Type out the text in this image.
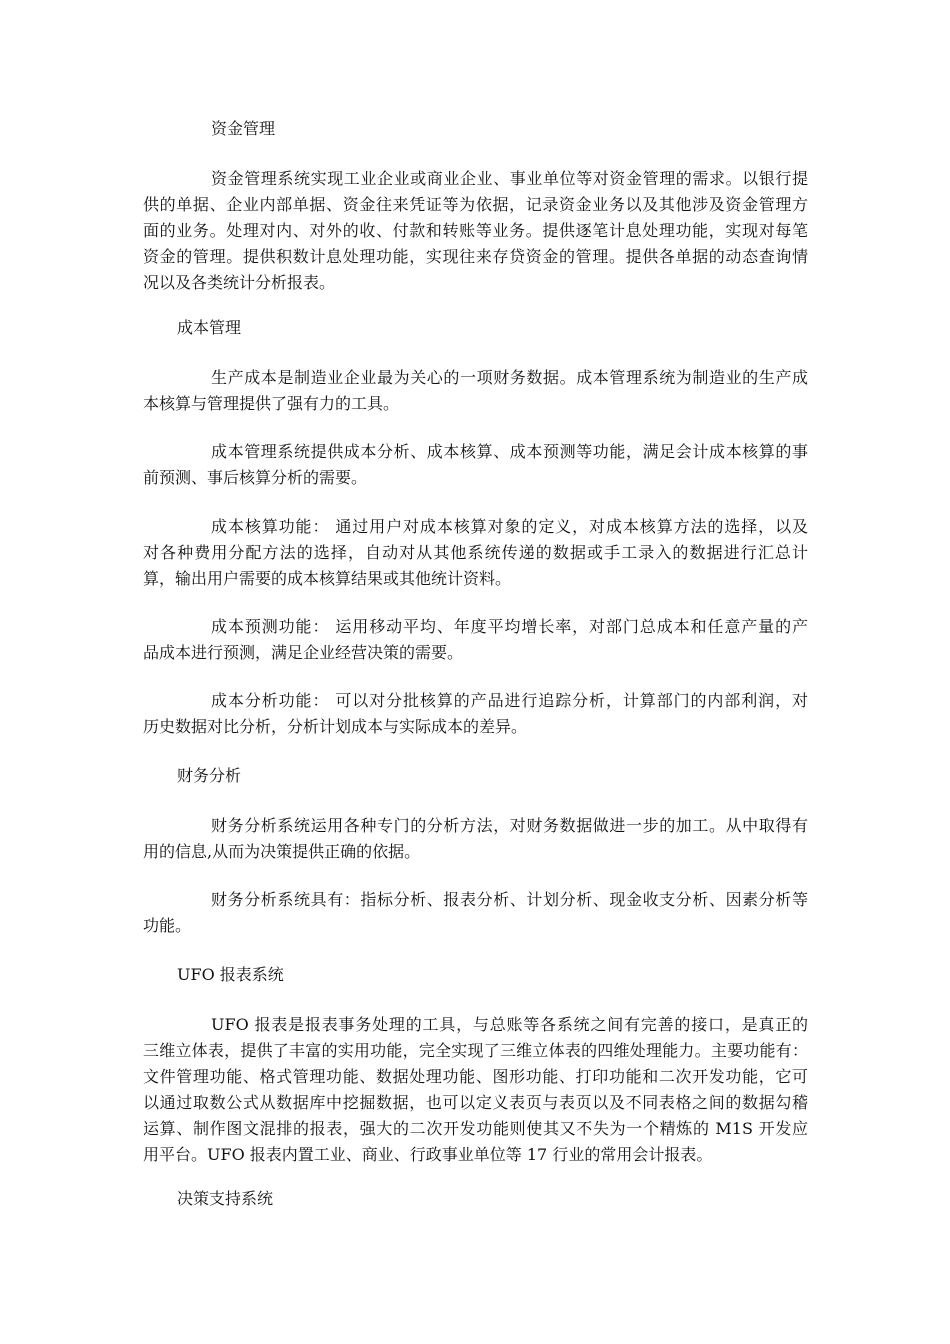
资金管理
资金管理系统实现工业企业或商业企业、事业单位等对资金管理的需求。以银行提
供的单据、企业内部单据、资金往来凭证等为依据，记录资金业务以及其他涉及资金管理方
面的业务。处理对内、对外的收、付款和转账等业务。提供逐笔计息处理功能，实现对每笔
资金的管理。提供积数计息处理功能，实现往来存贷资金的管理。提供各单据的动态查询情
况以及各类统计分析报表。
成本管理
生产成本是制造业企业最为关心的一项财务数据。成本管理系统为制造业的生产成
本核算与管理提供了强有力的工具。
成本管理系统提供成本分析、成本核算、成本预测等功能，满足会计成本核算的事
前预测、事后核算分析的需要。
成本核算功能： 通过用户对成本核算对象的定义，对成本核算方法的选择，以及
对各种费用分配方法的选择，自动对从其他系统传递的数据或手工录入的数据进行汇总计
算，输出用户需要的成本核算结果或其他统计资料。
成本预测功能： 运用移动平均、年度平均增长率，对部门总成本和任意产量的产
品成本进行预测，满足企业经营决策的需要。
成本分析功能： 可以对分批核算的产品进行追踪分析，计算部门的内部利润，对
历史数据对比分析，分析计划成本与实际成本的差异。
财务分析
财务分析系统运用各种专门的分析方法，对财务数据做进一步的加工。从中取得有
用的信息,从而为决策提供正确的依据。
财务分析系统具有：指标分析、报表分析、计划分析、现金收支分析、因素分析等
功能。
UFO 报表系统
UFO 报表是报表事务处理的工具，与总账等各系统之间有完善的接口，是真正的
三维立体表，提供了丰富的实用功能，完全实现了三维立体表的四维处理能力。主要功能有：
文件管理功能、格式管理功能、数据处理功能、图形功能、打印功能和二次开发功能，它可
以通过取数公式从数据库中挖掘数据，也可以定义表页与表页以及不同表格之间的数据勾稽
运算、制作图文混排的报表，强大的二次开发功能则使其又不失为一个精炼的 M1S 开发应
用平台。UFO 报表内置工业、商业、行政事业单位等 17 行业的常用会计报表。
决策支持系统
